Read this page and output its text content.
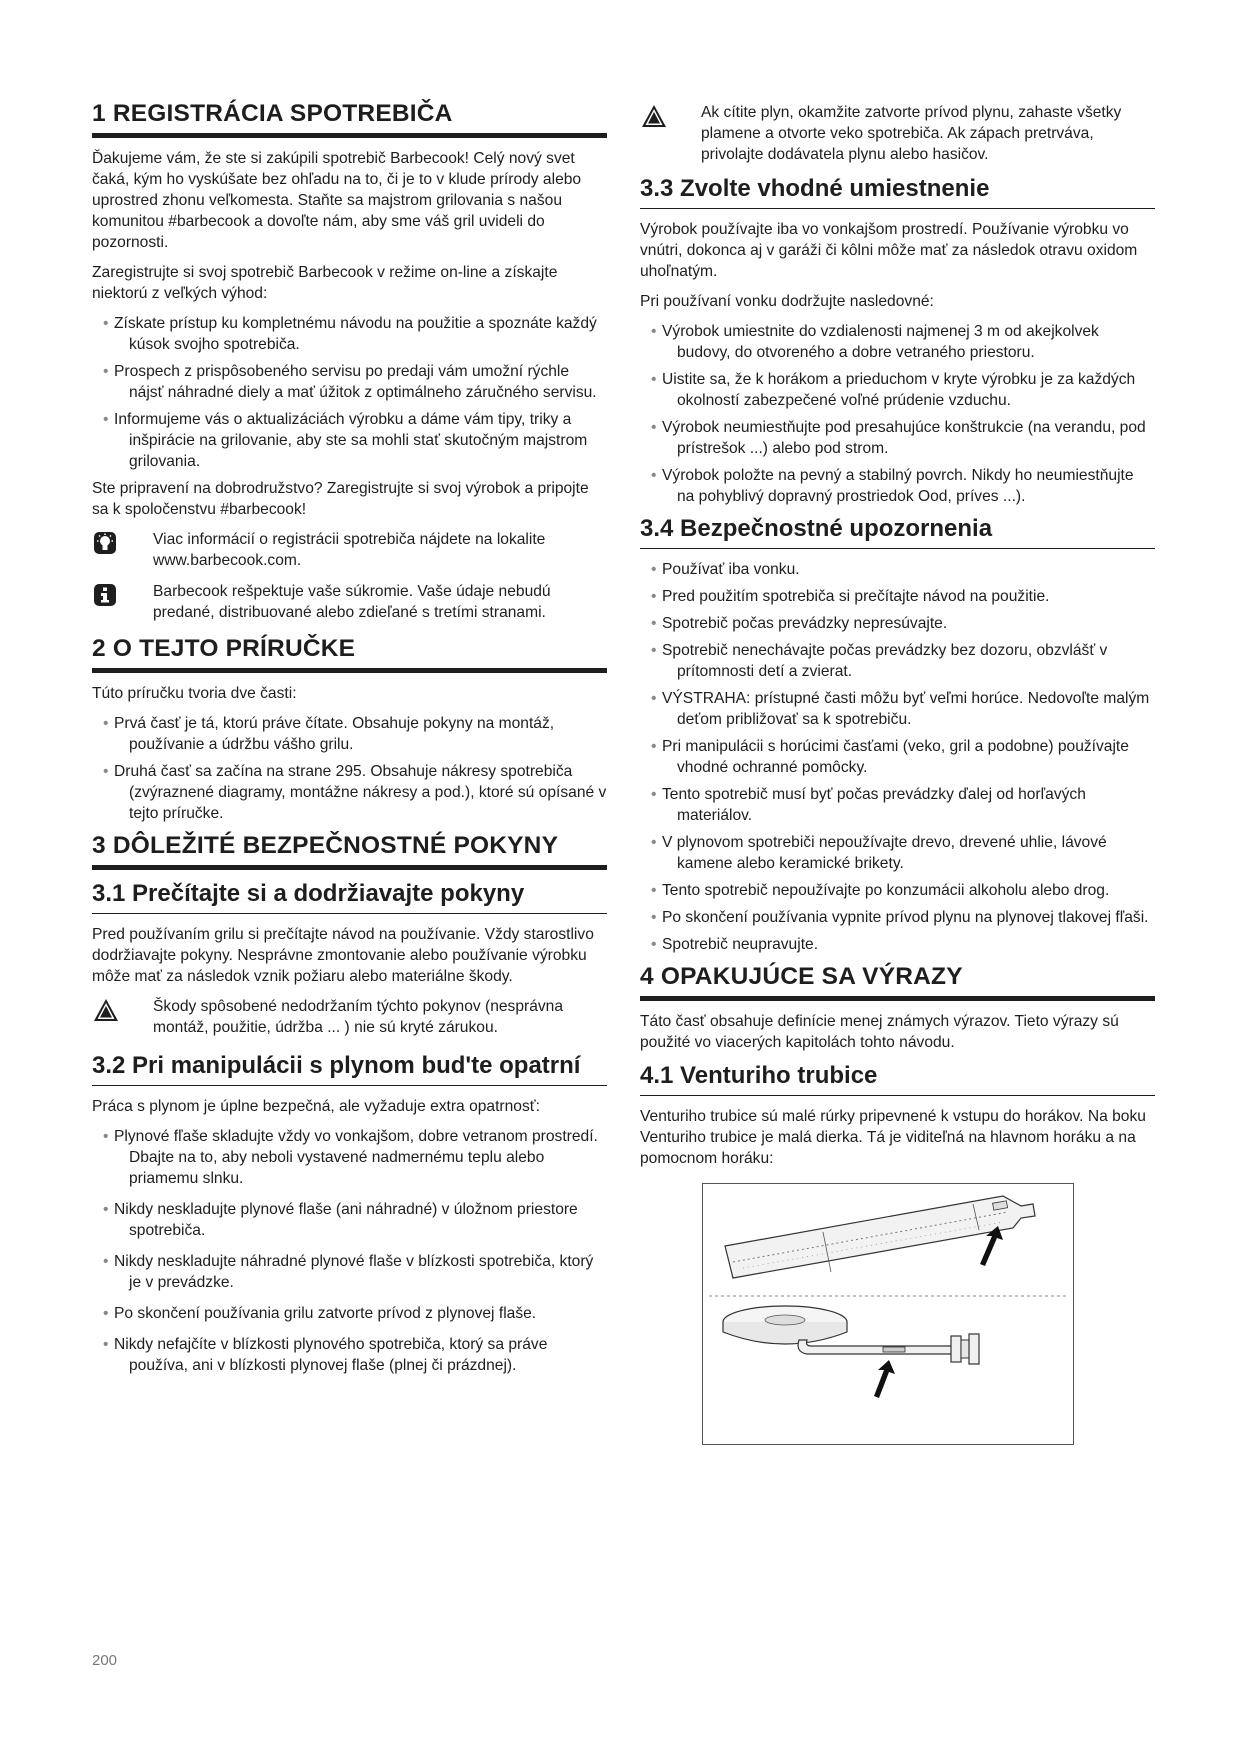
1 REGISTRÁCIA SPOTREBIČA

Ďakujeme vám, že ste si zakúpili spotrebič Barbecook! Celý nový svet čaká, kým ho vyskúšate bez ohľadu na to, či je to v klude prírody alebo uprostred zhonu veľkomesta. Staňte sa majstrom grilovania s našou komunitou #barbecook a dovoľte nám, aby sme váš gril uvideli do pozornosti.

Zaregistrujte si svoj spotrebič Barbecook v režime on-line a získajte niektorú z veľkých výhod:

• Získate prístup ku kompletnému návodu na použitie a spoznáte každý kúsok svojho spotrebiča.
• Prospech z prispôsobeného servisu po predaji vám umožní rýchle nájsť náhradné diely a mať úžitok z optimálneho záručného servisu.
• Informujeme vás o aktualizáciách výrobku a dáme vám tipy, triky a inšpirácie na grilovanie, aby ste sa mohli stať skutočným majstrom grilovania.

Ste pripravení na dobrodružstvo? Zaregistrujte si svoj výrobok a pripojte sa k spoločenstvu #barbecook!

Viac informácií o registrácii spotrebiča nájdete na lokalite www.barbecook.com.

Barbecook rešpektuje vaše súkromie. Vaše údaje nebudú predané, distribuované alebo zdieľané s tretími stranami.

2 O TEJTO PRÍRUČKE

Túto príručku tvoria dve časti:

• Prvá časť je tá, ktorú práve čítate. Obsahuje pokyny na montáž, používanie a údržbu vášho grilu.
• Druhá časť sa začína na strane 295. Obsahuje nákresy spotrebiča (zvýraznené diagramy, montážne nákresy a pod.), ktoré sú opísané v tejto príručke.
3 DÔLEŽITÉ BEZPEČNOSTNÉ POKYNY
3.1 Prečítajte si a dodržiavajte pokyny

Pred používaním grilu si prečítajte návod na používanie. Vždy starostlivo dodržiavajte pokyny. Nesprávne zmontovanie alebo používanie výrobku môže mať za následok vznik požiaru alebo materiálne škody.

Škody spôsobené nedodržaním týchto pokynov (nesprávna montáž, použitie, údržba ... ) nie sú kryté zárukou.

3.2 Pri manipulácii s plynom bud'te opatrní

Práca s plynom je úplne bezpečná, ale vyžaduje extra opatrnosť:

• Plynové fľaše skladujte vždy vo vonkajšom, dobre vetranom prostredí. Dbajte na to, aby neboli vystavené nadmernému teplu alebo priamemu slnku.
• Nikdy neskladujte plynové flaše (ani náhradné) v úložnom priestore spotrebiča.
• Nikdy neskladujte náhradné plynové flaše v blízkosti spotrebiča, ktorý je v prevádzke.
• Po skončení používania grilu zatvorte prívod z plynovej flaše.
• Nikdy nefajčíte v blízkosti plynového spotrebiča, ktorý sa práve používa, ani v blízkosti plynovej flaše (plnej či prázdnej).

Ak cítite plyn, okamžite zatvorte prívod plynu, zahaste všetky plamene a otvorte veko spotrebiča. Ak zápach pretrváva, privolajte dodávatela plynu alebo hasičov.

3.3 Zvolte vhodné umiestnenie

Výrobok používajte iba vo vonkajšom prostredí. Používanie výrobku vo vnútri, dokonca aj v garáži či kôlni môže mať za následok otravu oxidom uhoľnatým.

Pri používaní vonku dodržujte nasledovné:

• Výrobok umiestnite do vzdialenosti najmenej 3 m od akejkolvek budovy, do otvoreného a dobre vetraného priestoru.
• Uistite sa, že k horákom a prieduchom v kryte výrobku je za každých okolností zabezpečené voľné prúdenie vzduchu.
• Výrobok neumiestňujte pod presahujúce konštrukcie (na verandu, pod prístrešok ...) alebo pod strom.
• Výrobok položte na pevný a stabilný povrch. Nikdy ho neumiestňujte na pohyblivý dopravný prostriedok Ood, príves ...).
3.4 Bezpečnostné upozornenia
• Používať iba vonku.
• Pred použitím spotrebiča si prečítajte návod na použitie.
• Spotrebič počas prevádzky nepresúvajte.
• Spotrebič nenechávajte počas prevádzky bez dozoru, obzvlášť v prítomnosti detí a zvierat.
• VÝSTRAHA: prístupné časti môžu byť veľmi horúce. Nedovoľte malým deťom približovať sa k spotrebiču.
• Pri manipulácii s horúcimi časťami (veko, gril a podobne) používajte vhodné ochranné pomôcky.
• Tento spotrebič musí byť počas prevádzky ďalej od horľavých materiálov.
• V plynovom spotrebiči nepoužívajte drevo, drevené uhlie, lávové kamene alebo keramické brikety.
• Tento spotrebič nepoužívajte po konzumácii alkoholu alebo drog.
• Po skončení používania vypnite prívod plynu na plynovej tlakovej fľaši.
• Spotrebič neupravujte.
4 OPAKUJÚCE SA VÝRAZY

Táto časť obsahuje definície menej známych výrazov. Tieto výrazy sú použité vo viacerých kapitolách tohto návodu.

4.1 Venturiho trubice

Venturiho trubice sú malé rúrky pripevnené k vstupu do horákov. Na boku Venturiho trubice je malá dierka. Tá je viditeľná na hlavnom horáku a na pomocnom horáku:

200
